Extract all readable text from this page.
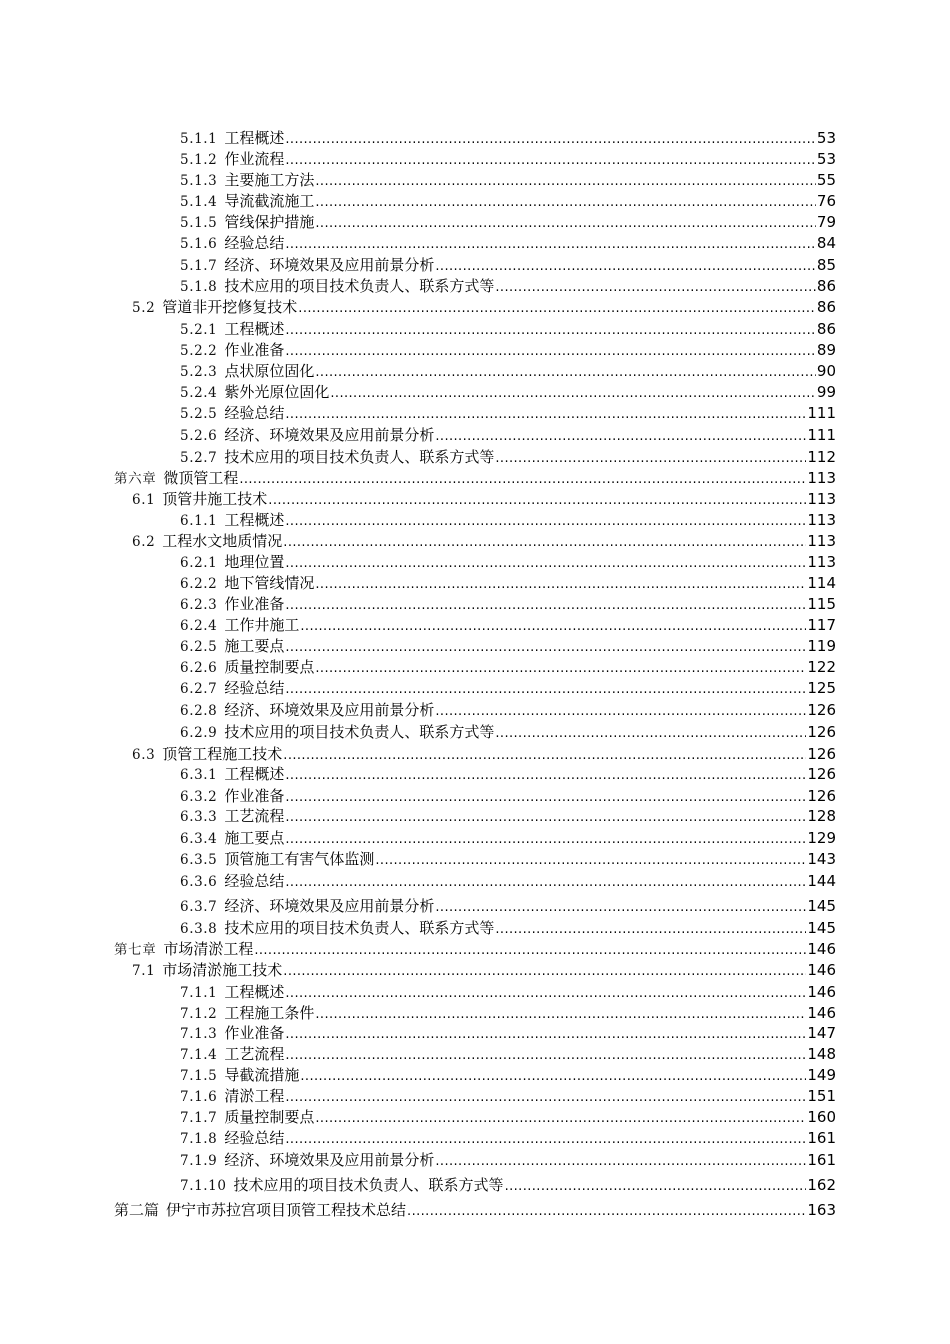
5.1.1 工程概述 .....	53
5.1.2 作业流程 .....	53
5.1.3 主要施工方法 .....	55
5.1.4 导流截流施工 .....	76
5.1.5 管线保护措施 .....	79
5.1.6 经验总结 .....	84
5.1.7 经济、环境效果及应用前景分析 .....	85
5.1.8 技术应用的项目技术负责人、联系方式等 .....	86
5.2 管道非开挖修复技术 .....	86
5.2.1 工程概述 .....	86
5.2.2 作业准备 .....	89
5.2.3 点状原位固化 .....	90
5.2.4 紫外光原位固化 .....	99
5.2.5 经验总结 .....	111
5.2.6 经济、环境效果及应用前景分析 .....	111
5.2.7 技术应用的项目技术负责人、联系方式等 .....	112
第六章 微顶管工程 .....	113
6.1 顶管井施工技术 .....	113
6.1.1 工程概述 .....	113
6.2 工程水文地质情况 .....	113
6.2.1 地理位置 .....	113
6.2.2 地下管线情况 .....	114
6.2.3 作业准备 .....	115
6.2.4 工作井施工 .....	117
6.2.5 施工要点 .....	119
6.2.6 质量控制要点 .....	122
6.2.7 经验总结 .....	125
6.2.8 经济、环境效果及应用前景分析 .....	126
6.2.9 技术应用的项目技术负责人、联系方式等 .....	126
6.3 顶管工程施工技术 .....	126
6.3.1 工程概述 .....	126
6.3.2 作业准备 .....	126
6.3.3 工艺流程 .....	128
6.3.4 施工要点 .....	129
6.3.5 顶管施工有害气体监测 .....	143
6.3.6 经验总结 .....	144
6.3.7 经济、环境效果及应用前景分析 .....	145
6.3.8 技术应用的项目技术负责人、联系方式等 .....	145
第七章 市场清淤工程 .....	146
7.1 市场清淤施工技术 .....	146
7.1.1 工程概述 .....	146
7.1.2 工程施工条件 .....	146
7.1.3 作业准备 .....	147
7.1.4 工艺流程 .....	148
7.1.5 导截流措施 .....	149
7.1.6 清淤工程 .....	151
7.1.7 质量控制要点 .....	160
7.1.8 经验总结 .....	161
7.1.9 经济、环境效果及应用前景分析 .....	161
7.1.10 技术应用的项目技术负责人、联系方式等 .....	162
第二篇 伊宁市苏拉宫项目顶管工程技术总结 .....	163
